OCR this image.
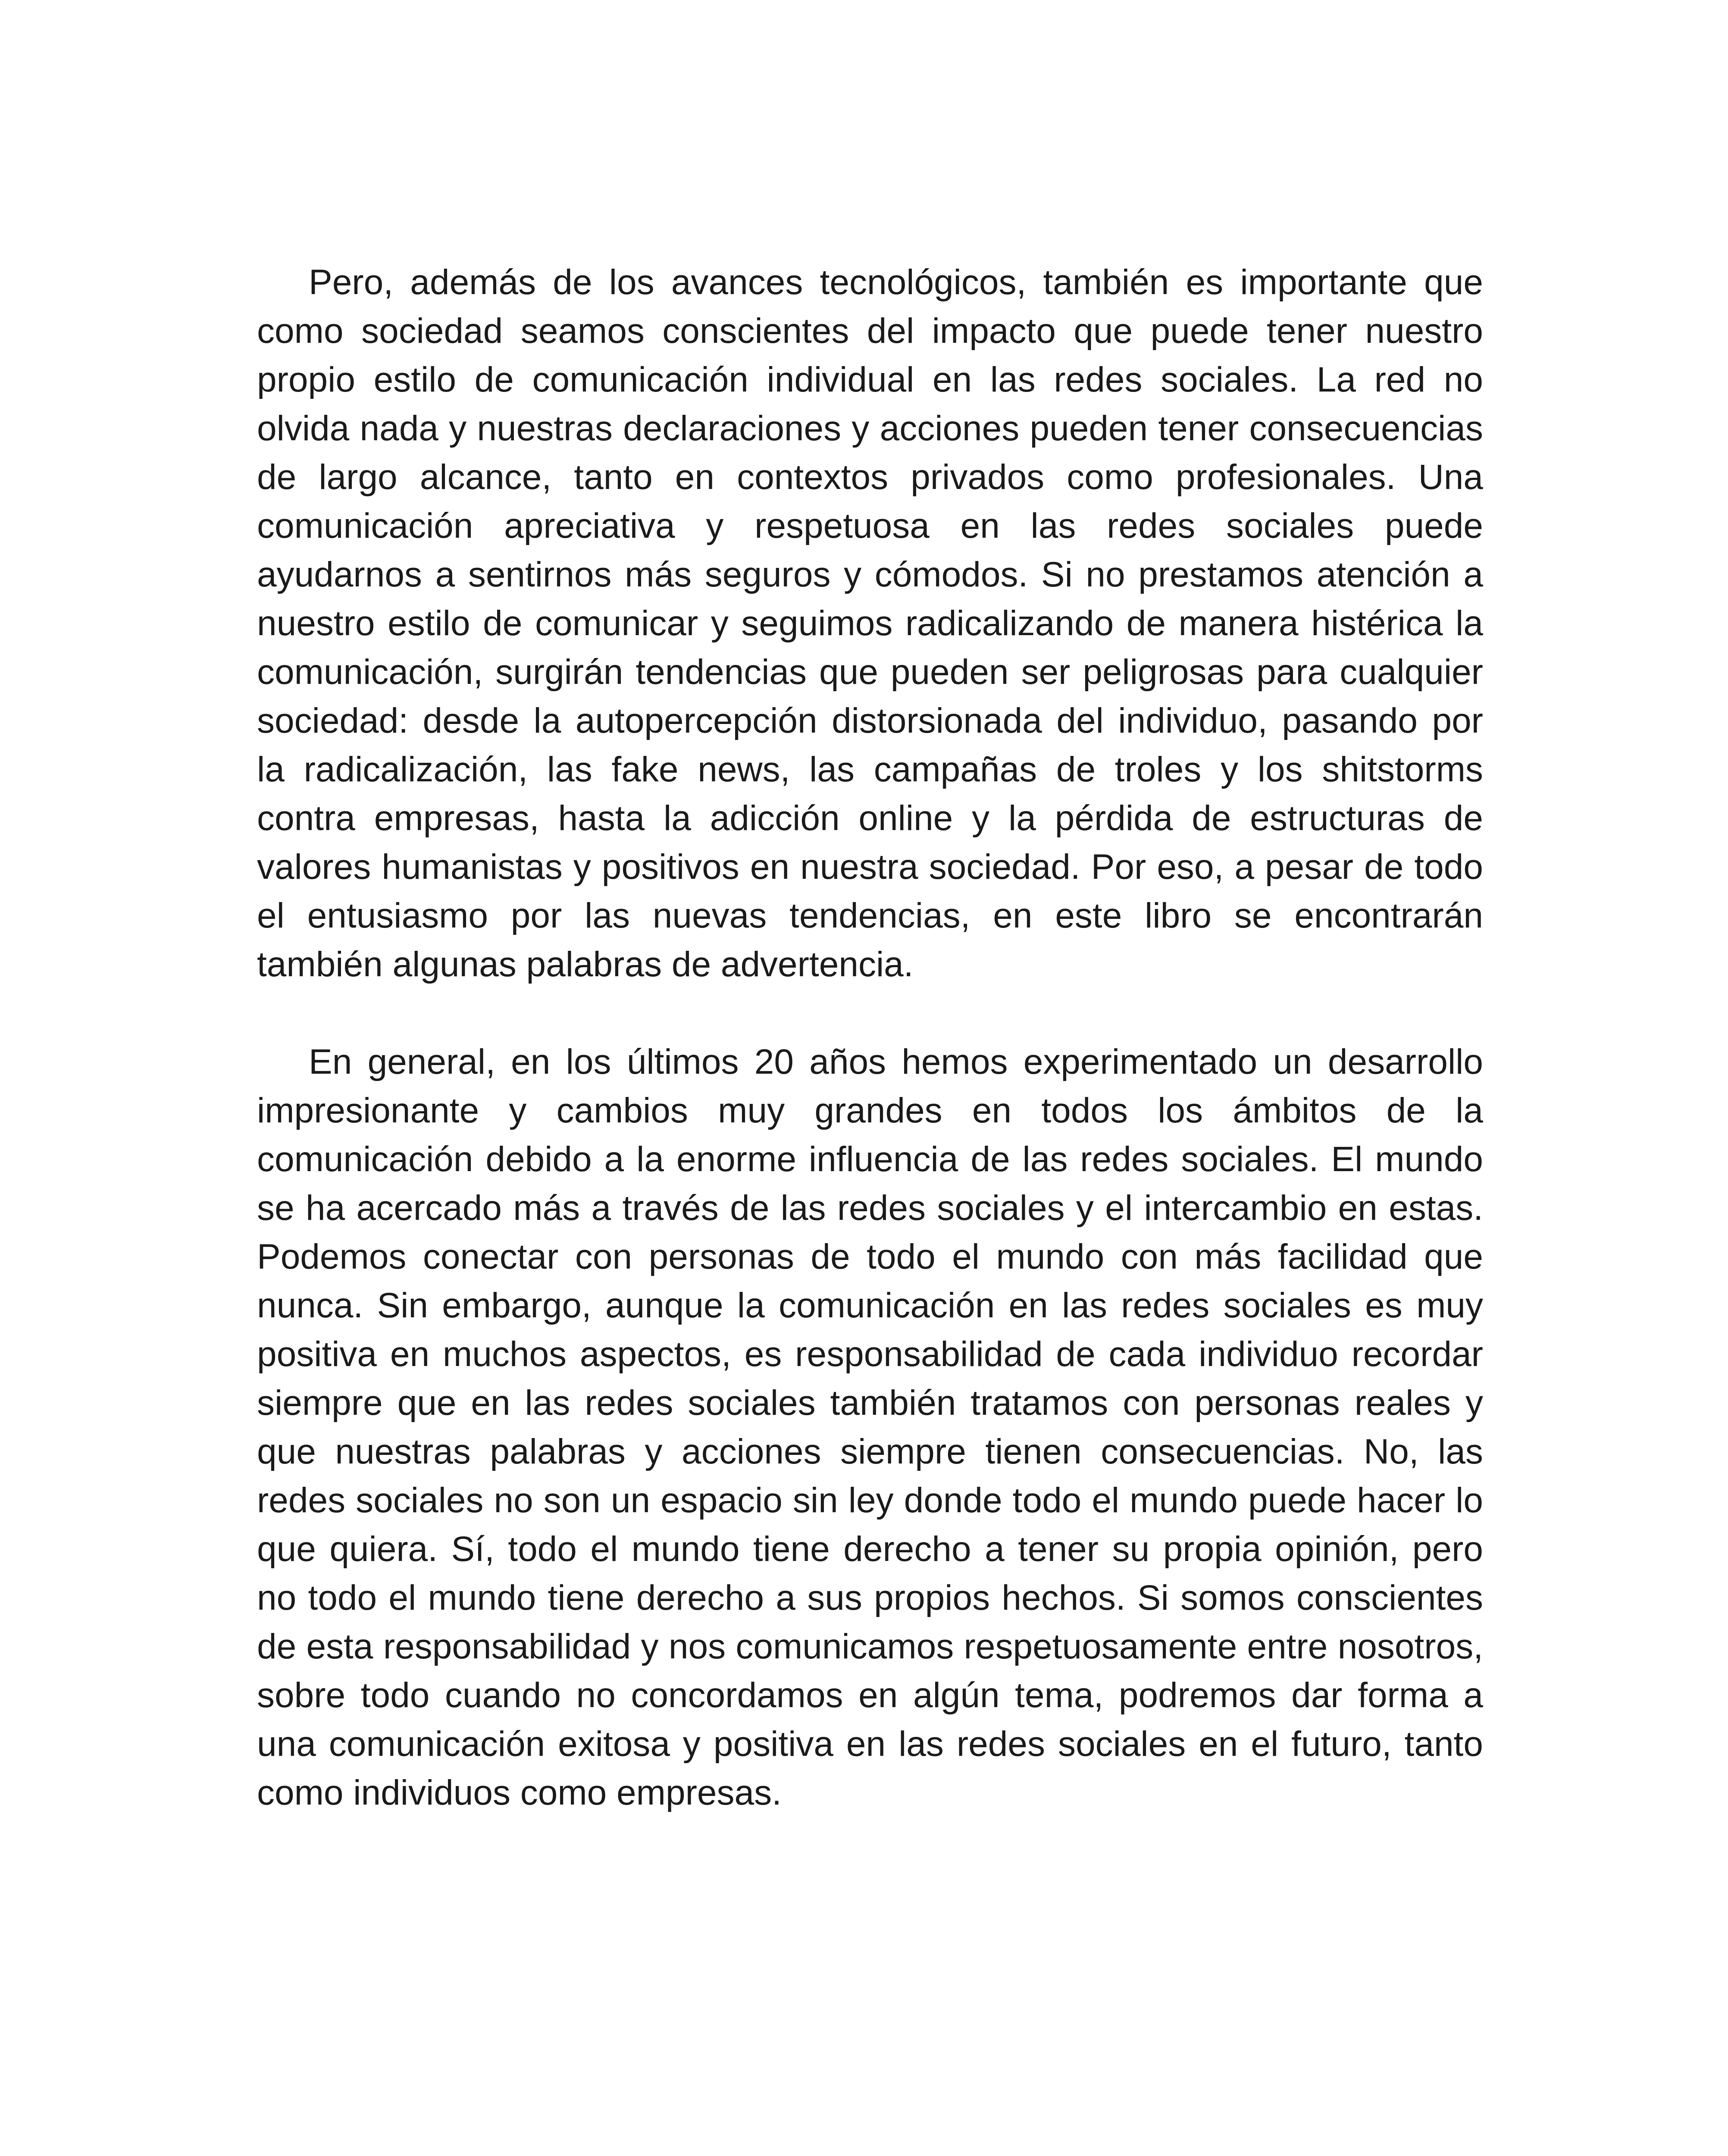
Pero, además de los avances tecnológicos, también es importante que como sociedad seamos conscientes del impacto que puede tener nuestro propio estilo de comunicación individual en las redes sociales. La red no olvida nada y nuestras declaraciones y acciones pueden tener consecuencias de largo alcance, tanto en contextos privados como profesionales. Una comunicación apreciativa y respetuosa en las redes sociales puede ayudarnos a sentirnos más seguros y cómodos. Si no prestamos atención a nuestro estilo de comunicar y seguimos radicalizando de manera histérica la comunicación, surgirán tendencias que pueden ser peligrosas para cualquier sociedad: desde la autopercepción distorsionada del individuo, pasando por la radicalización, las fake news, las campañas de troles y los shitstorms contra empresas, hasta la adicción online y la pérdida de estructuras de valores humanistas y positivos en nuestra sociedad. Por eso, a pesar de todo el entusiasmo por las nuevas tendencias, en este libro se encontrarán también algunas palabras de advertencia.

En general, en los últimos 20 años hemos experimentado un desarrollo impresionante y cambios muy grandes en todos los ámbitos de la comunicación debido a la enorme influencia de las redes sociales. El mundo se ha acercado más a través de las redes sociales y el intercambio en estas. Podemos conectar con personas de todo el mundo con más facilidad que nunca. Sin embargo, aunque la comunicación en las redes sociales es muy positiva en muchos aspectos, es responsabilidad de cada individuo recordar siempre que en las redes sociales también tratamos con personas reales y que nuestras palabras y acciones siempre tienen consecuencias. No, las redes sociales no son un espacio sin ley donde todo el mundo puede hacer lo que quiera. Sí, todo el mundo tiene derecho a tener su propia opinión, pero no todo el mundo tiene derecho a sus propios hechos. Si somos conscientes de esta responsabilidad y nos comunicamos respetuosamente entre nosotros, sobre todo cuando no concordamos en algún tema, podremos dar forma a una comunicación exitosa y positiva en las redes sociales en el futuro, tanto como individuos como empresas.
